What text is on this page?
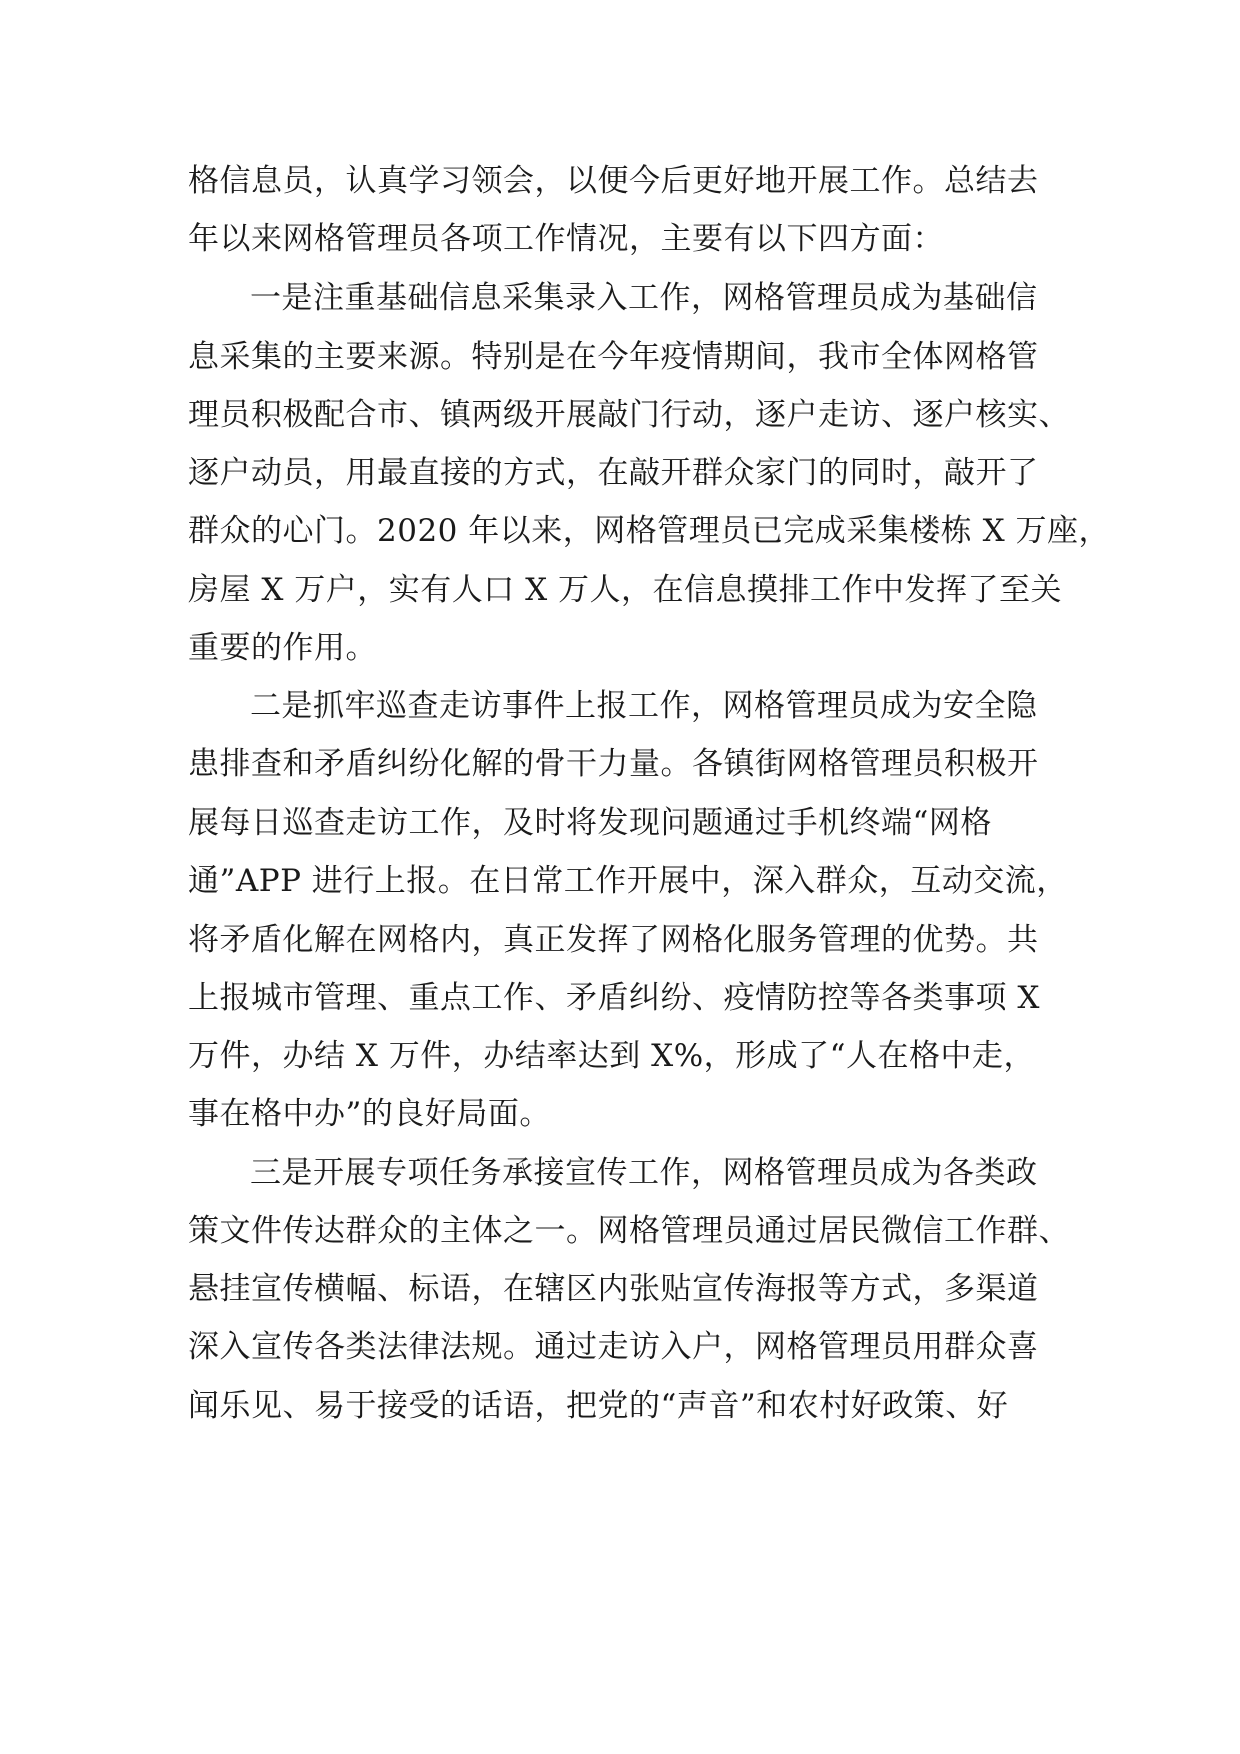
格信息员，认真学习领会，以便今后更好地开展工作。总结去

年以来网格管理员各项工作情况，主要有以下四方面：

一是注重基础信息采集录入工作，网格管理员成为基础信

息采集的主要来源。特别是在今年疫情期间，我市全体网格管

理员积极配合市、镇两级开展敲门行动，逐户走访、逐户核实、

逐户动员，用最直接的方式，在敲开群众家门的同时，敲开了

群众的心门。2020 年以来，网格管理员已完成采集楼栋 X 万座，

房屋 X 万户，实有人口 X 万人，在信息摸排工作中发挥了至关

重要的作用。

二是抓牢巡查走访事件上报工作，网格管理员成为安全隐

患排查和矛盾纠纷化解的骨干力量。各镇街网格管理员积极开

展每日巡查走访工作，及时将发现问题通过手机终端“网格

通”APP 进行上报。在日常工作开展中，深入群众，互动交流，

将矛盾化解在网格内，真正发挥了网格化服务管理的优势。共

上报城市管理、重点工作、矛盾纠纷、疫情防控等各类事项 X

万件，办结 X 万件，办结率达到 X%，形成了“人在格中走，

事在格中办”的良好局面。

三是开展专项任务承接宣传工作，网格管理员成为各类政

策文件传达群众的主体之一。网格管理员通过居民微信工作群、

悬挂宣传横幅、标语，在辖区内张贴宣传海报等方式，多渠道

深入宣传各类法律法规。通过走访入户，网格管理员用群众喜

闻乐见、易于接受的话语，把党的“声音”和农村好政策、好
